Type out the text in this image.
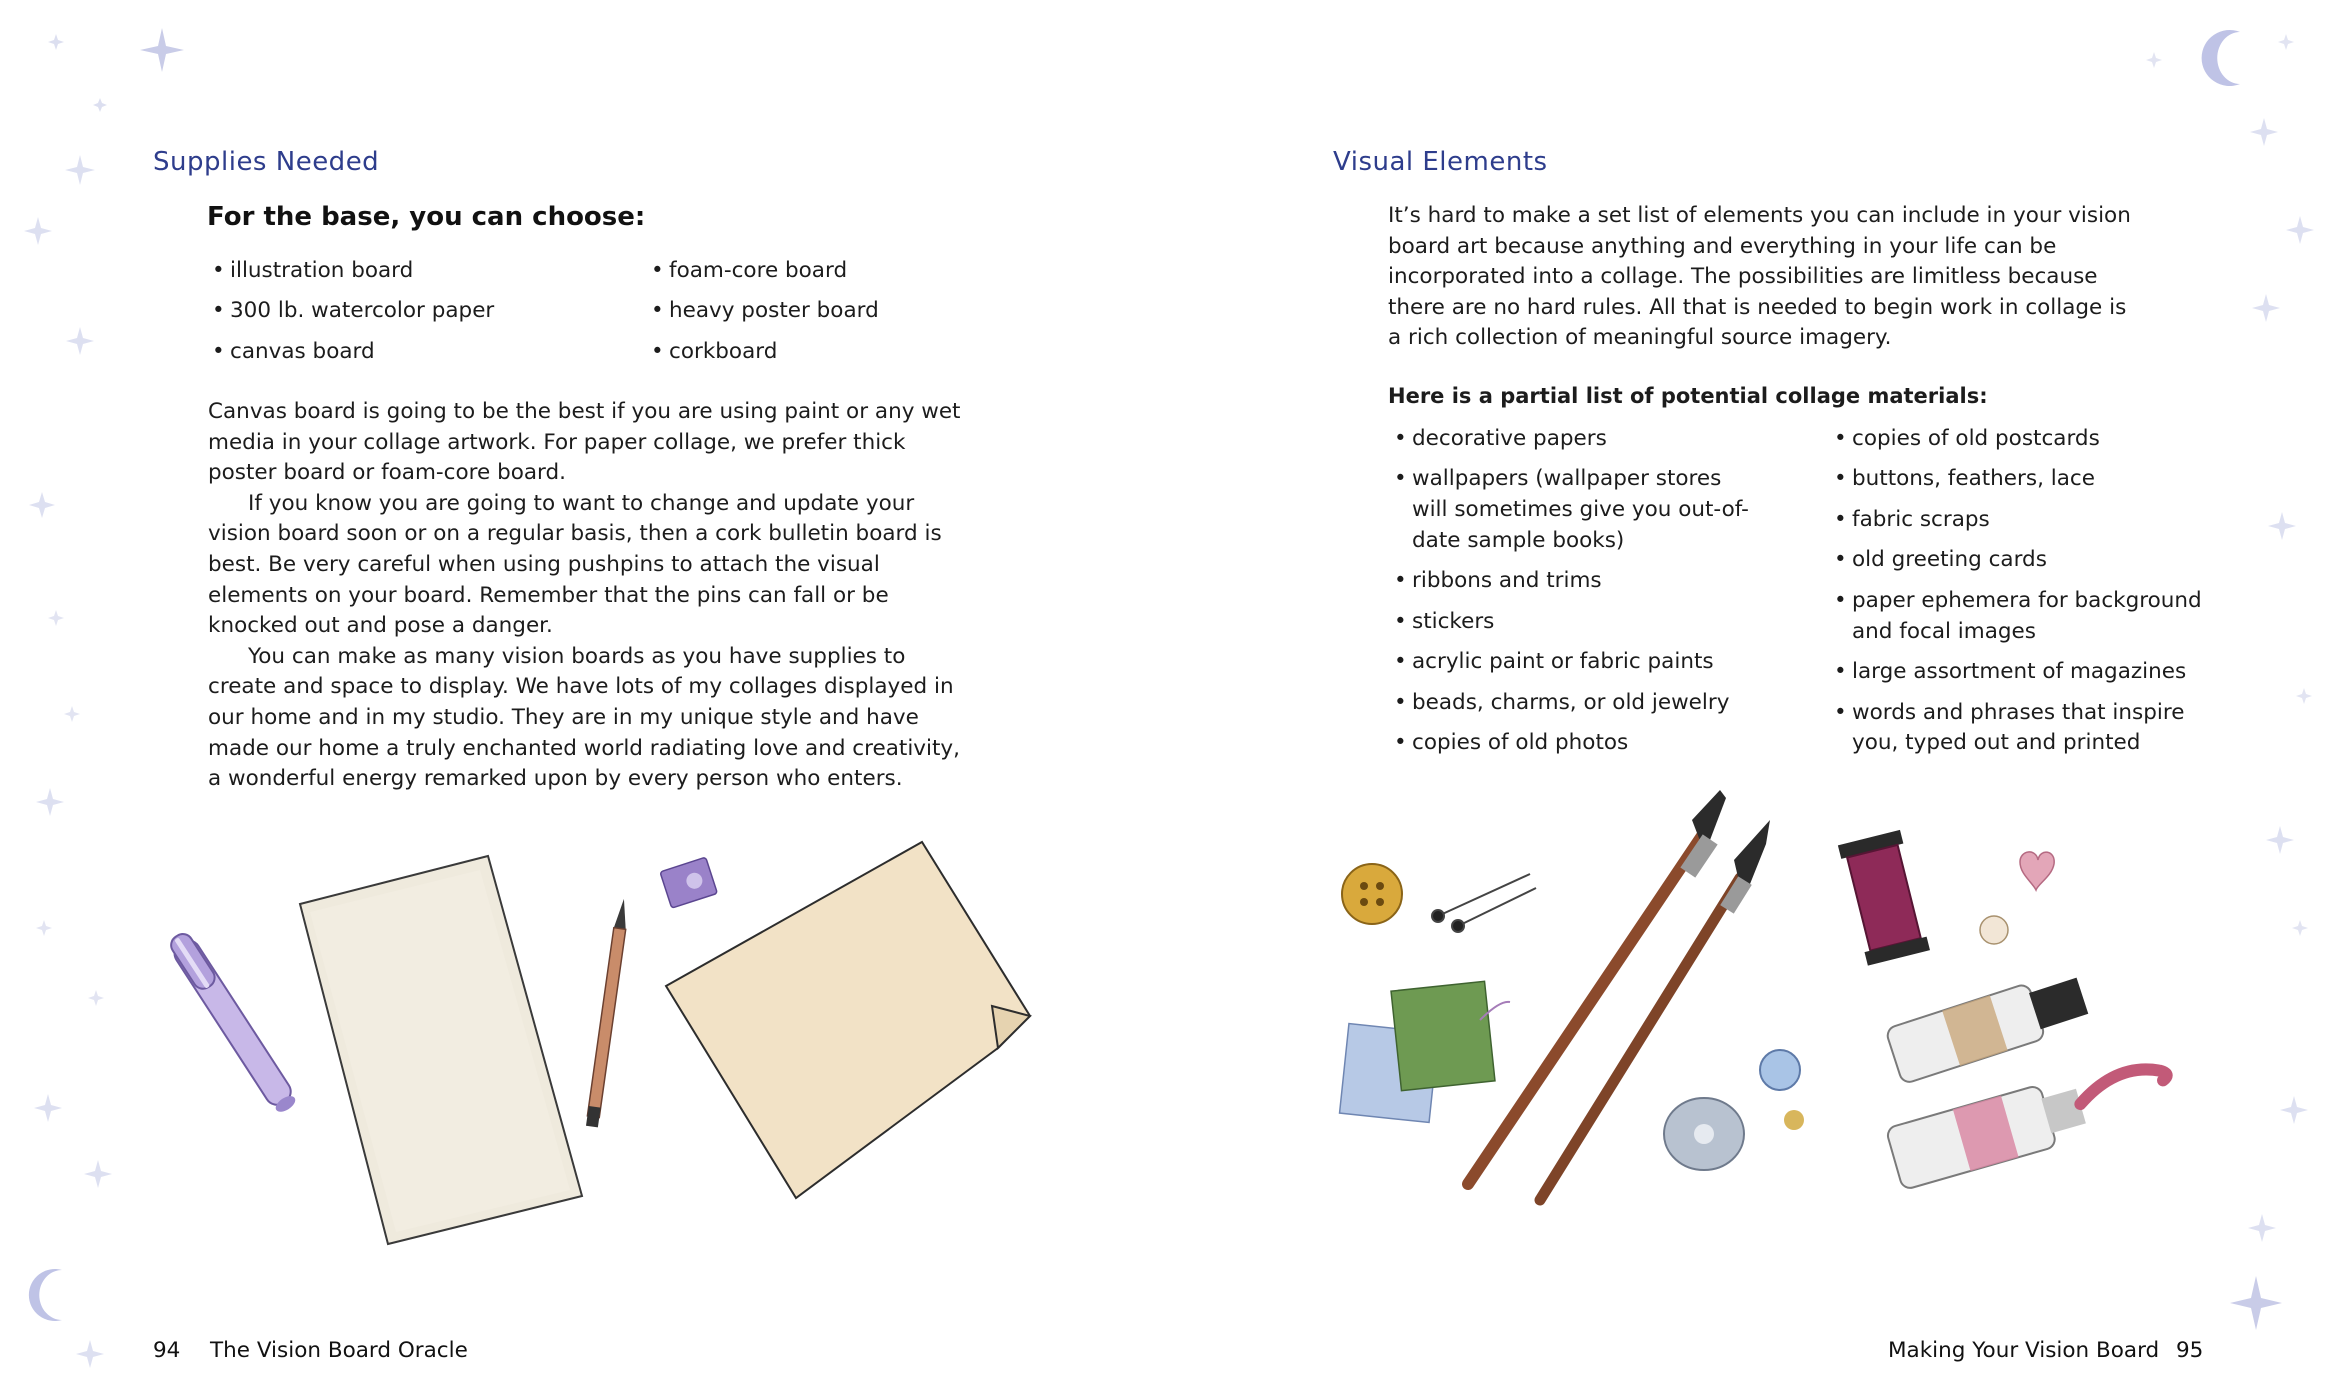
Supplies Needed
For the base, you can choose:
• illustration board
• 300 lb. watercolor paper
• canvas board
• foam-core board
• heavy poster board
• corkboard

Canvas board is going to be the best if you are using paint or any wet media in your collage artwork. For paper collage, we prefer thick poster board or foam-core board.

If you know you are going to want to change and update your vision board soon or on a regular basis, then a cork bulletin board is best. Be very careful when using pushpins to attach the visual elements on your board. Remember that the pins can fall or be knocked out and pose a danger.

You can make as many vision boards as you have supplies to create and space to display. We have lots of my collages displayed in our home and in my studio. They are in my unique style and have made our home a truly enchanted world radiating love and creativity, a wonderful energy remarked upon by every person who enters.

94 The Vision Board Oracle
Visual Elements

It’s hard to make a set list of elements you can include in your vision board art because anything and everything in your life can be incorporated into a collage. The possibilities are limitless because there are no hard rules. All that is needed to begin work in collage is a rich collection of meaningful source imagery.

Here is a partial list of potential collage materials:
• decorative papers
• wallpapers (wallpaper stores will sometimes give you out-of-date sample books)
• ribbons and trims
• stickers
• acrylic paint or fabric paints
• beads, charms, or old jewelry
• copies of old photos
• copies of old postcards
• buttons, feathers, lace
• fabric scraps
• old greeting cards
• paper ephemera for background and focal images
• large assortment of magazines
• words and phrases that inspire you, typed out and printed
Making Your Vision Board 95
